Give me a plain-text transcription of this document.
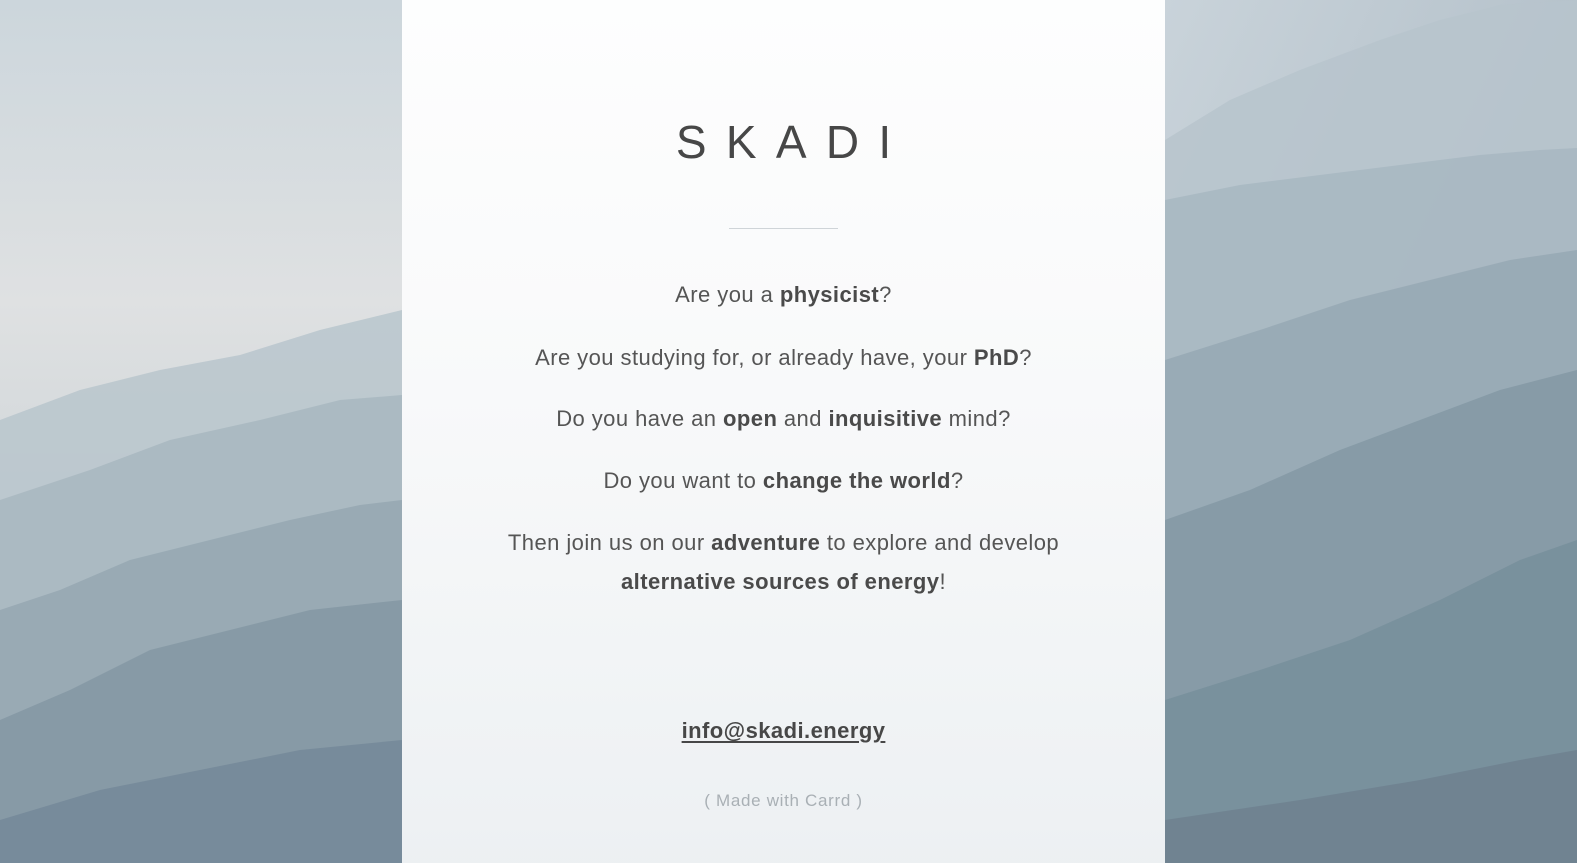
SKADI

Are you a physicist?

Are you studying for, or already have, your PhD?

Do you have an open and inquisitive mind?

Do you want to change the world?

Then join us on our adventure to explore and develop
alternative sources of energy!

info@skadi.energy
( Made with Carrd )
